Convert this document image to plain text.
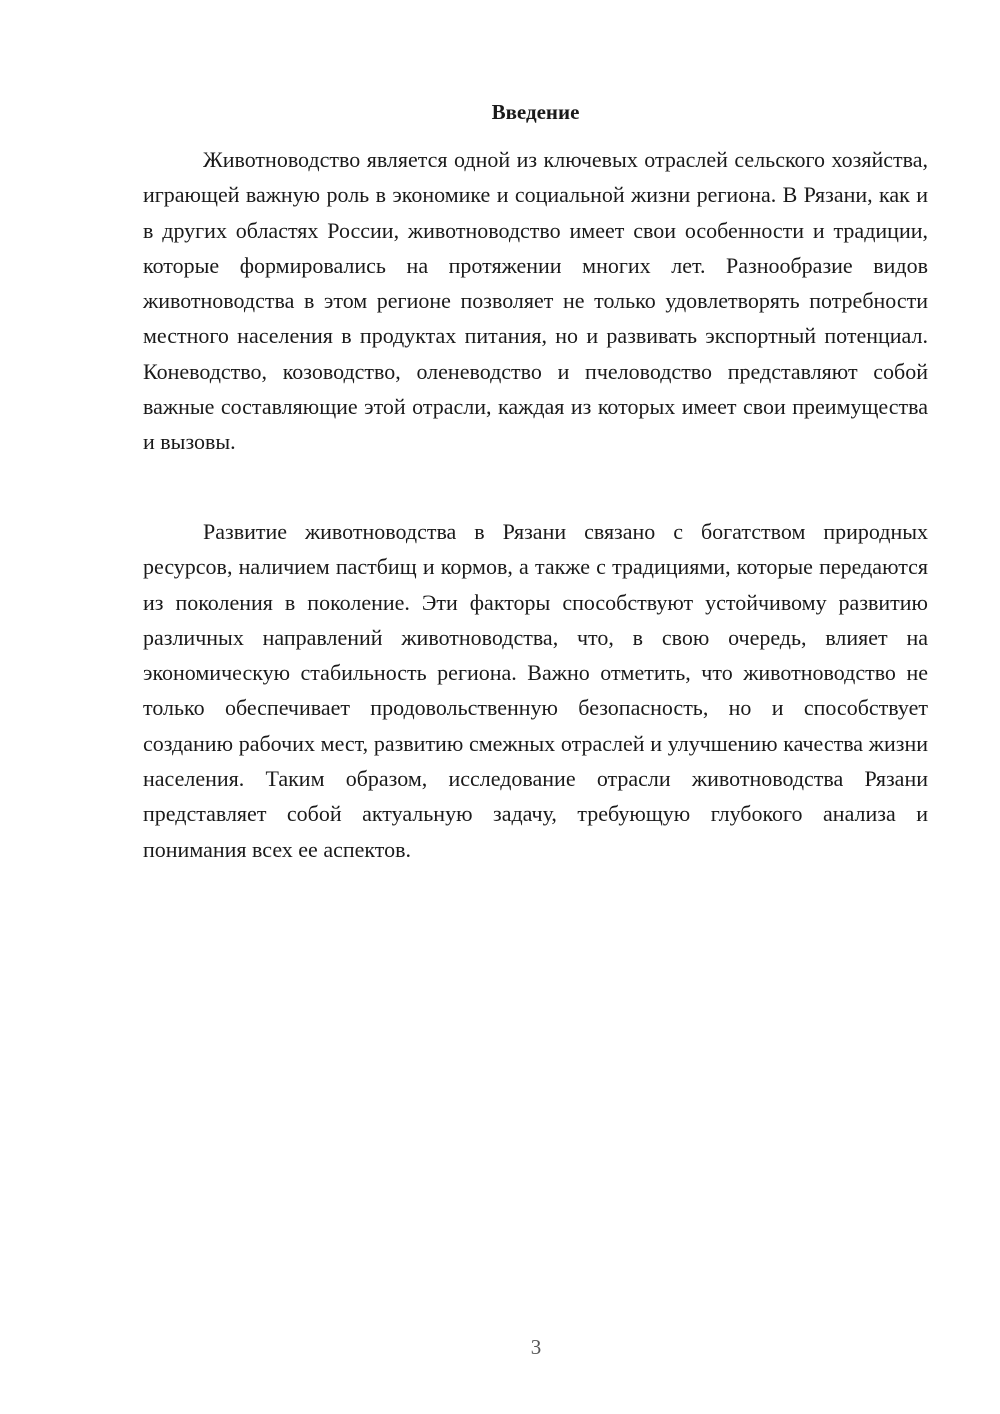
Введение

Животноводство является одной из ключевых отраслей сельского хозяйства, играющей важную роль в экономике и социальной жизни региона. В Рязани, как и в других областях России, животноводство имеет свои особенности и традиции, которые формировались на протяжении многих лет. Разнообразие видов животноводства в этом регионе позволяет не только удовлетворять потребности местного населения в продуктах питания, но и развивать экспортный потенциал. Коневодство, козоводство, оленеводство и пчеловодство представляют собой важные составляющие этой отрасли, каждая из которых имеет свои преимущества и вызовы.

Развитие животноводства в Рязани связано с богатством природных ресурсов, наличием пастбищ и кормов, а также с традициями, которые передаются из поколения в поколение. Эти факторы способствуют устойчивому развитию различных направлений животноводства, что, в свою очередь, влияет на экономическую стабильность региона. Важно отметить, что животноводство не только обеспечивает продовольственную безопасность, но и способствует созданию рабочих мест, развитию смежных отраслей и улучшению качества жизни населения. Таким образом, исследование отрасли животноводства Рязани представляет собой актуальную задачу, требующую глубокого анализа и понимания всех ее аспектов.

3
